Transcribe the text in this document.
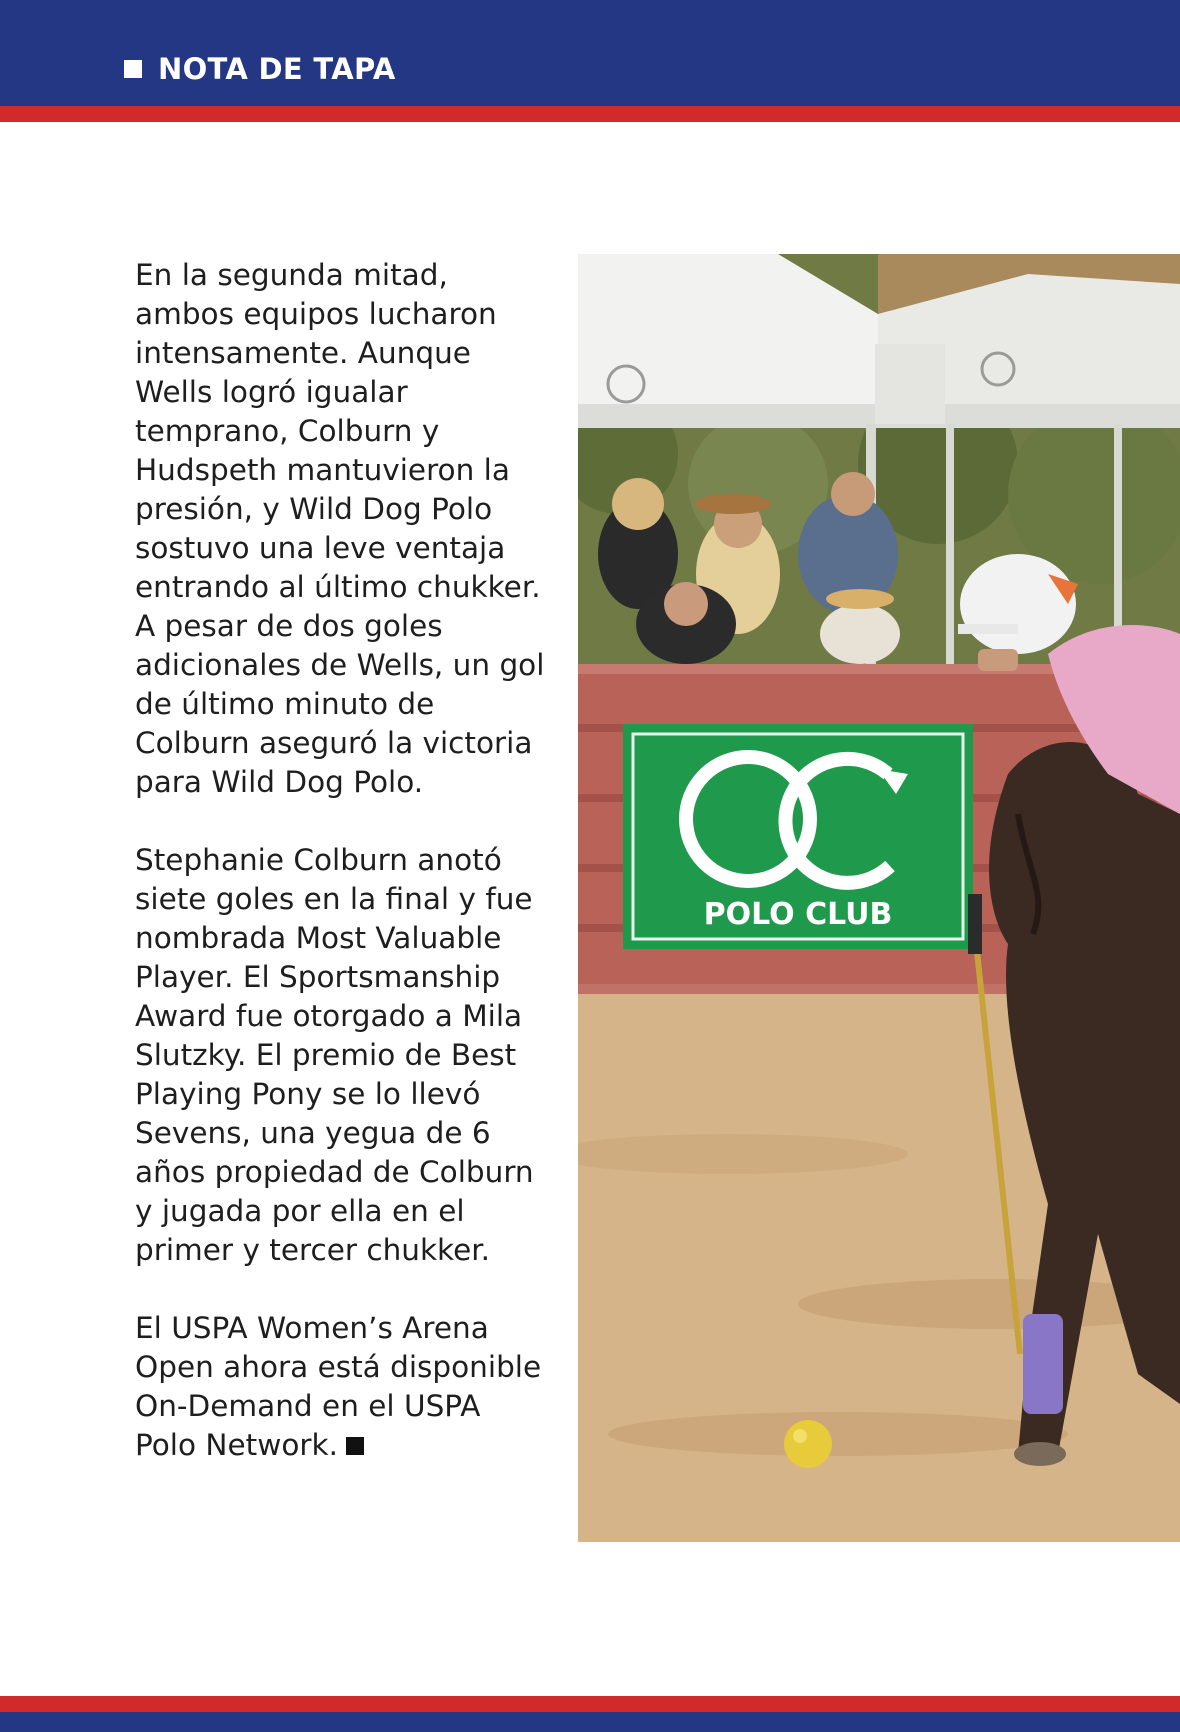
NOTA DE TAPA

En la segunda mitad, ambos equipos lucharon intensamente. Aunque Wells logró igualar temprano, Colburn y Hudspeth mantuvieron la presión, y Wild Dog Polo sostuvo una leve ventaja entrando al último chukker. A pesar de dos goles adicionales de Wells, un gol de último minuto de Colburn aseguró la victoria para Wild Dog Polo.

Stephanie Colburn anotó siete goles en la final y fue nombrada Most Valuable Player. El Sportsmanship Award fue otorgado a Mila Slutzky. El premio de Best Playing Pony se lo llevó Sevens, una yegua de 6 años propiedad de Colburn y jugada por ella en el primer y tercer chukker.

El USPA Women’s Arena Open ahora está disponible On-Demand en el USPA Polo Network.

POLO CLUB
